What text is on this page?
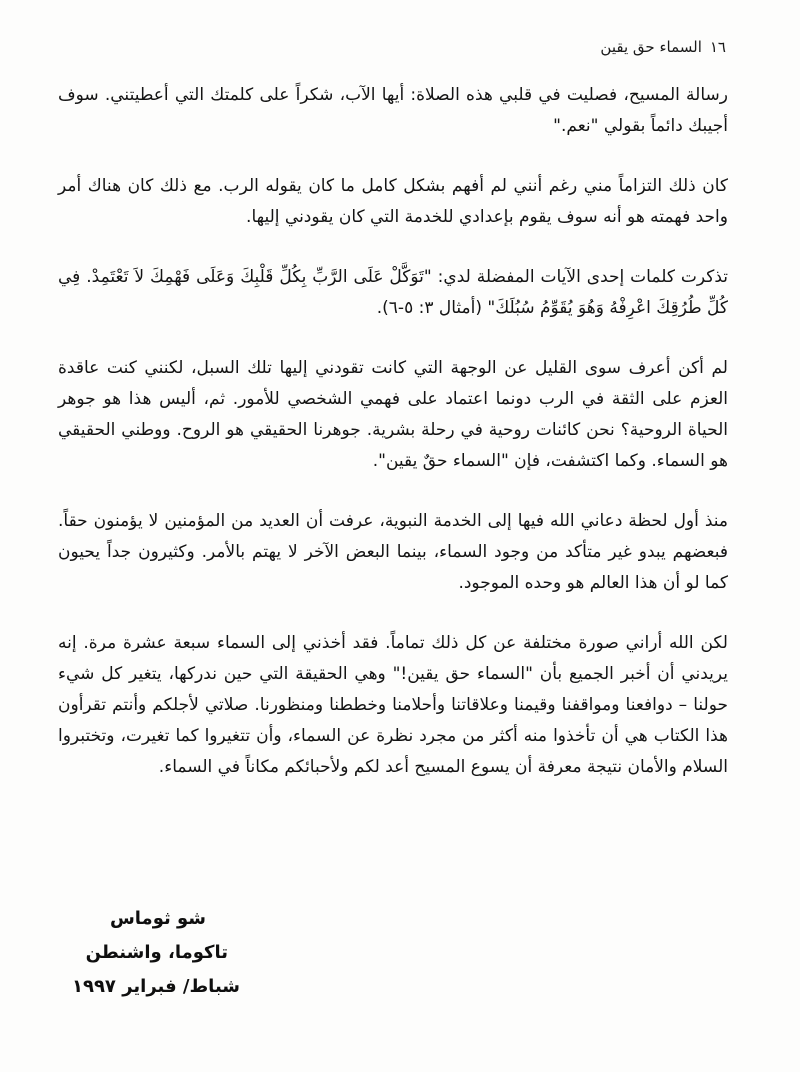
١٦السماء حق يقين

رسالة المسيح، فصليت في قلبي هذه الصلاة: أيها الآب، شكراً على كلمتك التي أعطيتني. سوف أجيبك دائماً بقولي "نعم."

كان ذلك التزاماً مني رغم أنني لم أفهم بشكل كامل ما كان يقوله الرب. مع ذلك كان هناك أمر واحد فهمته هو أنه سوف يقوم بإعدادي للخدمة التي كان يقودني إليها.

تذكرت كلمات إحدى الآيات المفضلة لدي: "تَوَكَّلْ عَلَى الرَّبِّ بِكُلِّ قَلْبِكَ وَعَلَى فَهْمِكَ لاَ تَعْتَمِدْ. فِي كُلِّ طُرُقِكَ اعْرِفْهُ وَهُوَ يُقَوِّمُ سُبُلَكَ" (أمثال ٣: ٥-٦).

لم أكن أعرف سوى القليل عن الوجهة التي كانت تقودني إليها تلك السبل، لكنني كنت عاقدة العزم على الثقة في الرب دونما اعتماد على فهمي الشخصي للأمور. ثم، أليس هذا هو جوهر الحياة الروحية؟ نحن كائنات روحية في رحلة بشرية. جوهرنا الحقيقي هو الروح. ووطني الحقيقي هو السماء. وكما اكتشفت، فإن "السماء حقٌ يقين".

منذ أول لحظة دعاني الله فيها إلى الخدمة النبوية، عرفت أن العديد من المؤمنين لا يؤمنون حقاً. فبعضهم يبدو غير متأكد من وجود السماء، بينما البعض الآخر لا يهتم بالأمر. وكثيرون جداً يحيون كما لو أن هذا العالم هو وحده الموجود.

لكن الله أراني صورة مختلفة عن كل ذلك تماماً. فقد أخذني إلى السماء سبعة عشرة مرة. إنه يريدني أن أخبر الجميع بأن "السماء حق يقين!" وهي الحقيقة التي حين ندركها، يتغير كل شيء حولنا – دوافعنا ومواقفنا وقيمنا وعلاقاتنا وأحلامنا وخططنا ومنظورنا. صلاتي لأجلكم وأنتم تقرأون هذا الكتاب هي أن تأخذوا منه أكثر من مجرد نظرة عن السماء، وأن تتغيروا كما تغيرت، وتختبروا السلام والأمان نتيجة معرفة أن يسوع المسيح أعد لكم ولأحبائكم مكاناً في السماء.

شو ثوماس
تاكوما، واشنطن
شباط/ فبراير ١٩٩٧
